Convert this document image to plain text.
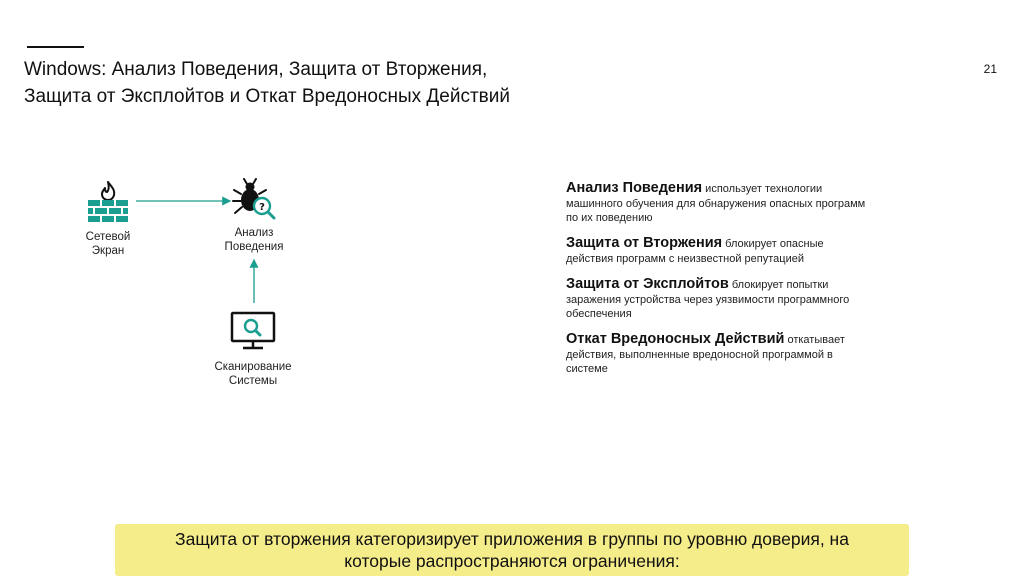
Windows: Анализ Поведения, Защита от Вторжения,
Защита от Эксплойтов и Откат Вредоносных Действий
21
Сетевой
Экран
?
Анализ
Поведения
Сканирование
Системы
Анализ Поведения использует технологии
машинного обучения для обнаружения опасных программ
по их поведению
Защита от Вторжения блокирует опасные
действия программ с неизвестной репутацией
Защита от Эксплойтов блокирует попытки
заражения устройства через уязвимости программного
обеспечения
Откат Вредоносных Действий откатывает
действия, выполненные вредоносной программой в
системе
Защита от вторжения категоризирует приложения в группы по уровню доверия, на
которые распространяются ограничения:
